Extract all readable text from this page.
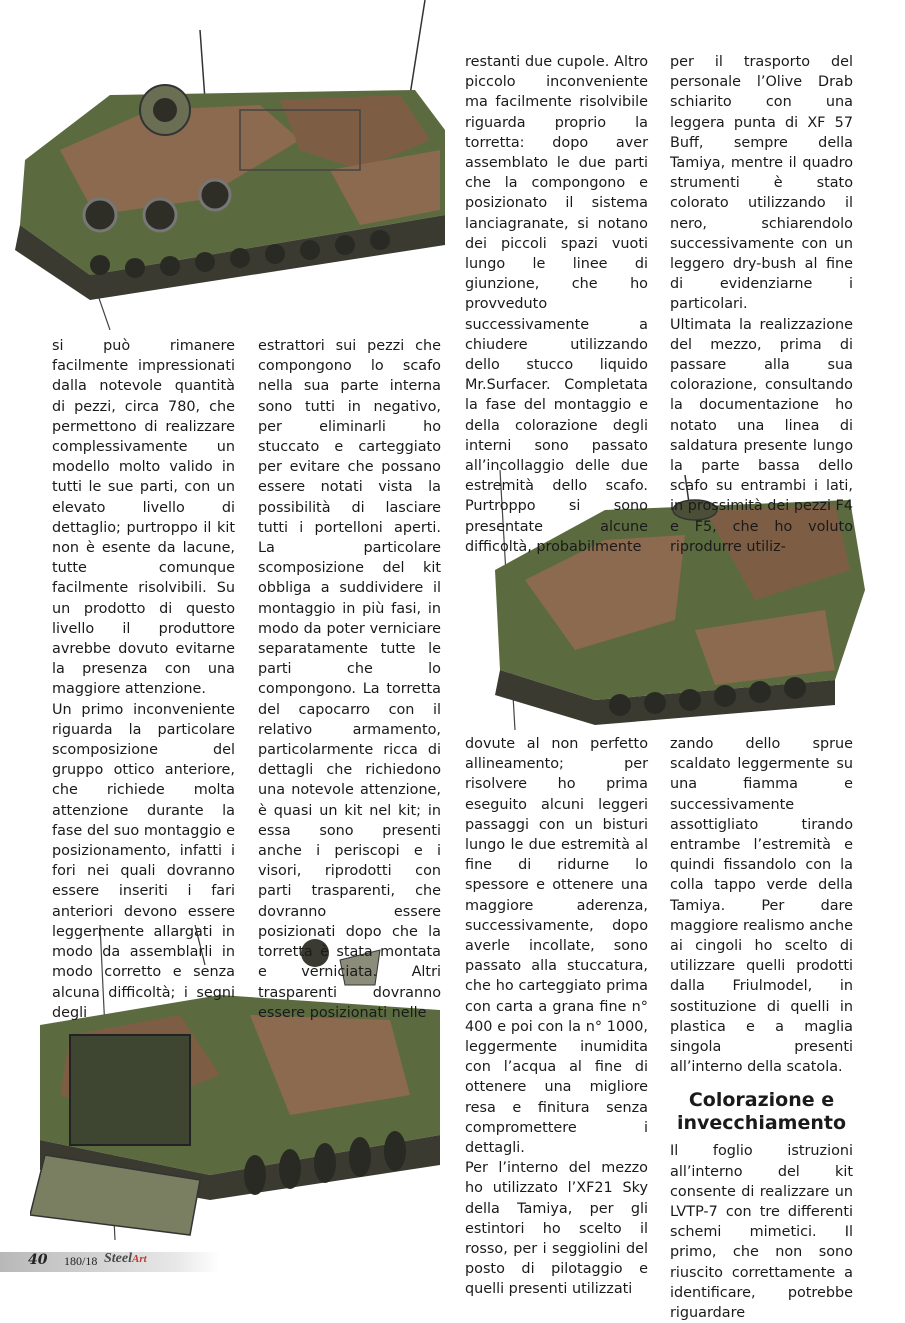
si può rimanere facilmente impressionati dalla notevole quantità di pezzi, circa 780, che permettono di realizzare complessivamente un modello molto valido in tutti le sue parti, con un elevato livello di dettaglio; purtroppo il kit non è esente da lacune, tutte comunque facilmente risolvibili. Su un prodotto di questo livello il produttore avrebbe dovuto evitarne la presenza con una maggiore attenzione.

Un primo inconveniente riguarda la particolare scomposizione del gruppo ottico anteriore, che richiede molta attenzione durante la fase del suo montaggio e posizionamento, infatti i fori nei quali dovranno essere inseriti i fari anteriori devono essere leggermente allargati in modo da assemblarli in modo corretto e senza alcuna difficoltà; i segni degli

estrattori sui pezzi che compongono lo scafo nella sua parte interna sono tutti in negativo, per eliminarli ho stuccato e carteggiato per evitare che possano essere notati vista la possibilità di lasciare tutti i portelloni aperti. La particolare scomposizione del kit obbliga a suddividere il montaggio in più fasi, in modo da poter verniciare separatamente tutte le parti che lo compongono. La torretta del capocarro con il relativo armamento, particolarmente ricca di dettagli che richiedono una notevole attenzione, è quasi un kit nel kit; in essa sono presenti anche i periscopi e i visori, riprodotti con parti trasparenti, che dovranno essere posizionati dopo che la torretta è stata montata e verniciata. Altri trasparenti dovranno essere posizionati nelle

restanti due cupole. Altro piccolo inconveniente ma facilmente risolvibile riguarda proprio la torretta: dopo aver assemblato le due parti che la compongono e posizionato il sistema lanciagranate, si notano dei piccoli spazi vuoti lungo le linee di giunzione, che ho provveduto successivamente a chiudere utilizzando dello stucco liquido Mr.Surfacer. Completata la fase del montaggio e della colorazione degli interni sono passato all’incollaggio delle due estremità dello scafo. Purtroppo si sono presentate alcune difficoltà, probabilmente

per il trasporto del personale l’Olive Drab schiarito con una leggera punta di XF 57 Buff, sempre della Tamiya, mentre il quadro strumenti è stato colorato utilizzando il nero, schiarendolo successivamente con un leggero dry-bush al fine di evidenziarne i particolari.

Ultimata la realizzazione del mezzo, prima di passare alla sua colorazione, consultando la documentazione ho notato una linea di saldatura presente lungo la parte bassa dello scafo su entrambi i lati, in prossimità dei pezzi F4 e F5, che ho voluto riprodurre utiliz-

dovute al non perfetto allineamento; per risolvere ho prima eseguito alcuni leggeri passaggi con un bisturi lungo le due estremità al fine di ridurne lo spessore e ottenere una maggiore aderenza, successivamente, dopo averle incollate, sono passato alla stuccatura, che ho carteggiato prima con carta a grana fine n° 400 e poi con la n° 1000, leggermente inumidita con l’acqua al fine di ottenere una migliore resa e finitura senza compromettere i dettagli.

Per l’interno del mezzo ho utilizzato l’XF21 Sky della Tamiya, per gli estintori ho scelto il rosso, per i seggiolini del posto di pilotaggio e quelli presenti utilizzati

zando dello sprue scaldato leggermente su una fiamma e successivamente assottigliato tirando entrambe l’estremità e quindi fissandolo con la colla tappo verde della Tamiya. Per dare maggiore realismo anche ai cingoli ho scelto di utilizzare quelli prodotti dalla Friulmodel, in sostituzione di quelli in plastica e a maglia singola presenti all’interno della scatola.

Colorazione e invecchiamento

Il foglio istruzioni all’interno del kit consente di realizzare un LVTP-7 con tre differenti schemi mimetici. Il primo, che non sono riuscito correttamente a identificare, potrebbe riguardare

40 180/18 SteelArt
